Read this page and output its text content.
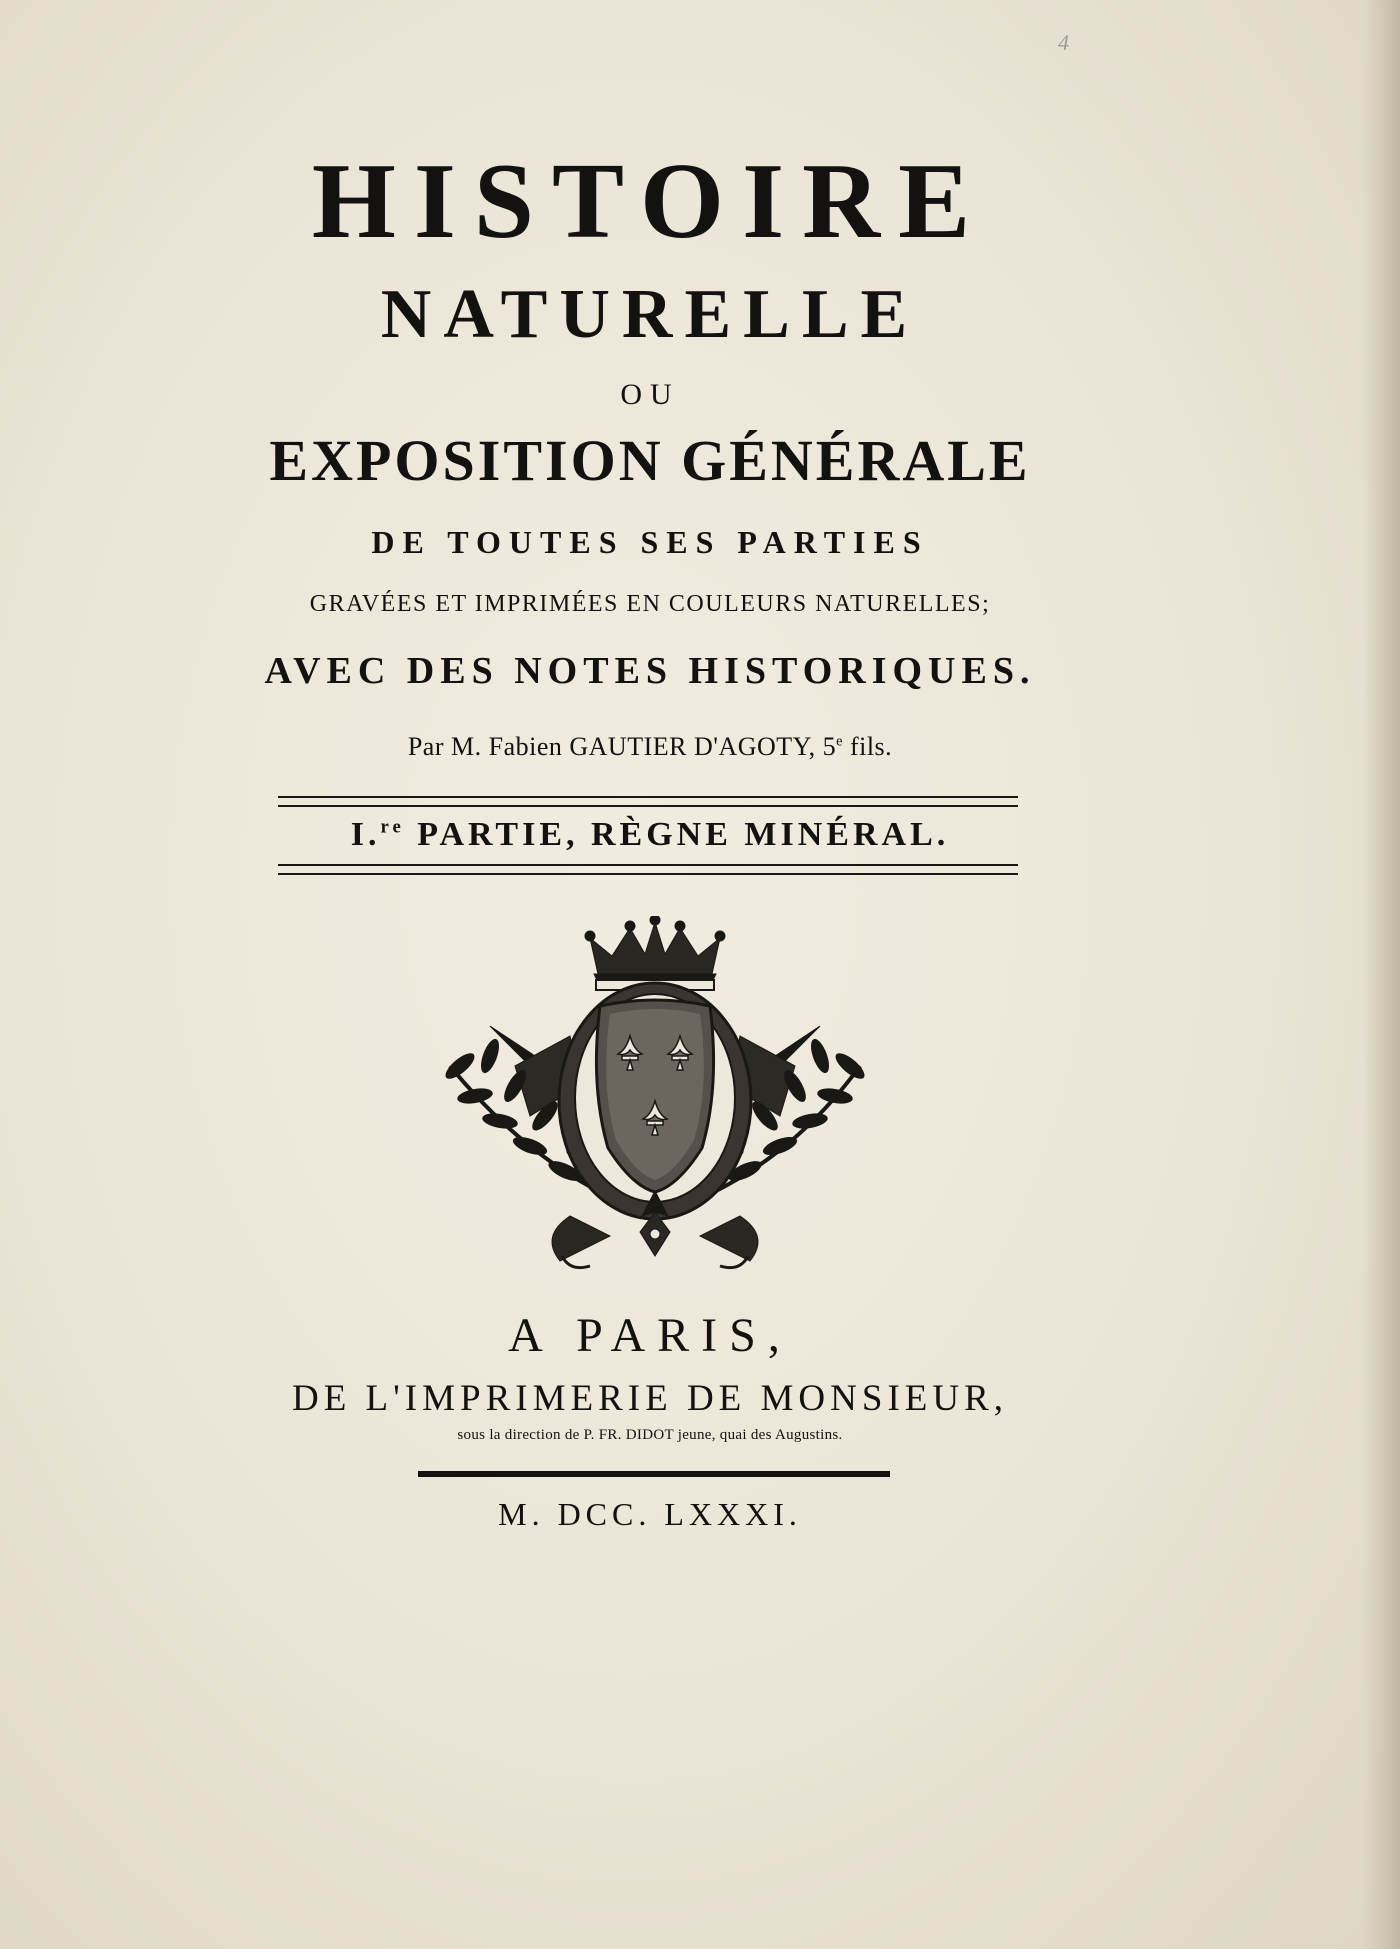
4
HISTOIRE
NATURELLE
OU
EXPOSITION GÉNÉRALE
DE TOUTES SES PARTIES
GRAVÉES ET IMPRIMÉES EN COULEURS NATURELLES;
AVEC DES NOTES HISTORIQUES.
Par M. Fabien GAUTIER D'AGOTY, 5e fils.
I.$^{re}$ PARTIE, RÈGNE MINÉRAL.
A PARIS,
DE L'IMPRIMERIE DE MONSIEUR,
sous la direction de P. FR. DIDOT jeune, quai des Augustins.
M. DCC. LXXXI.
